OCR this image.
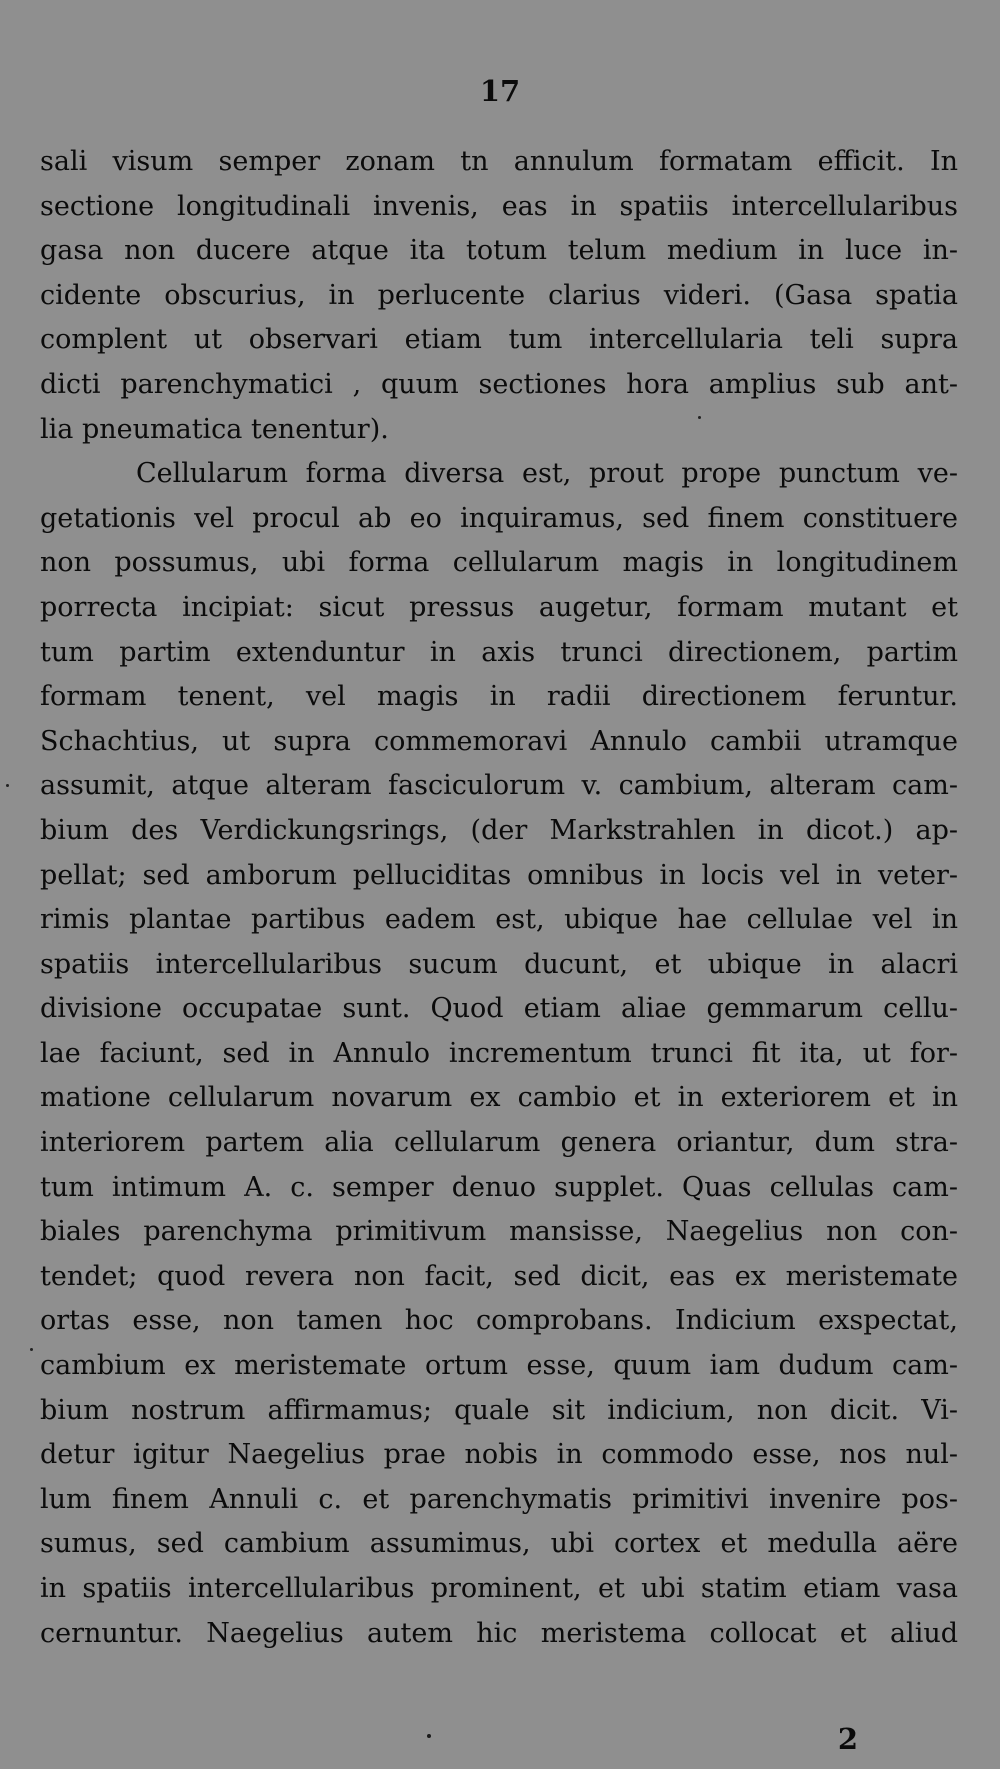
17
sali visum semper zonam tn annulum formatam efficit. In
sectione longitudinali invenis, eas in spatiis intercellularibus
gasa non ducere atque ita totum telum medium in luce in-
cidente obscurius, in perlucente clarius videri. (Gasa spatia
complent ut observari etiam tum intercellularia teli supra
dicti parenchymatici , quum sectiones hora amplius sub ant-
lia pneumatica tenentur).
Cellularum forma diversa est, prout prope punctum ve-
getationis vel procul ab eo inquiramus, sed finem constituere
non possumus, ubi forma cellularum magis in longitudinem
porrecta incipiat: sicut pressus augetur, formam mutant et
tum partim extenduntur in axis trunci directionem, partim
formam tenent, vel magis in radii directionem feruntur.
Schachtius, ut supra commemoravi Annulo cambii utramque
assumit, atque alteram fasciculorum v. cambium, alteram cam-
bium des Verdickungsrings, (der Markstrahlen in dicot.) ap-
pellat; sed amborum pelluciditas omnibus in locis vel in veter-
rimis plantae partibus eadem est, ubique hae cellulae vel in
spatiis intercellularibus sucum ducunt, et ubique in alacri
divisione occupatae sunt. Quod etiam aliae gemmarum cellu-
lae faciunt, sed in Annulo incrementum trunci fit ita, ut for-
matione cellularum novarum ex cambio et in exteriorem et in
interiorem partem alia cellularum genera oriantur, dum stra-
tum intimum A. c. semper denuo supplet. Quas cellulas cam-
biales parenchyma primitivum mansisse, Naegelius non con-
tendet; quod revera non facit, sed dicit, eas ex meristemate
ortas esse, non tamen hoc comprobans. Indicium exspectat,
cambium ex meristemate ortum esse, quum iam dudum cam-
bium nostrum affirmamus; quale sit indicium, non dicit. Vi-
detur igitur Naegelius prae nobis in commodo esse, nos nul-
lum finem Annuli c. et parenchymatis primitivi invenire pos-
sumus, sed cambium assumimus, ubi cortex et medulla aëre
in spatiis intercellularibus prominent, et ubi statim etiam vasa
cernuntur. Naegelius autem hic meristema collocat et aliud
2
